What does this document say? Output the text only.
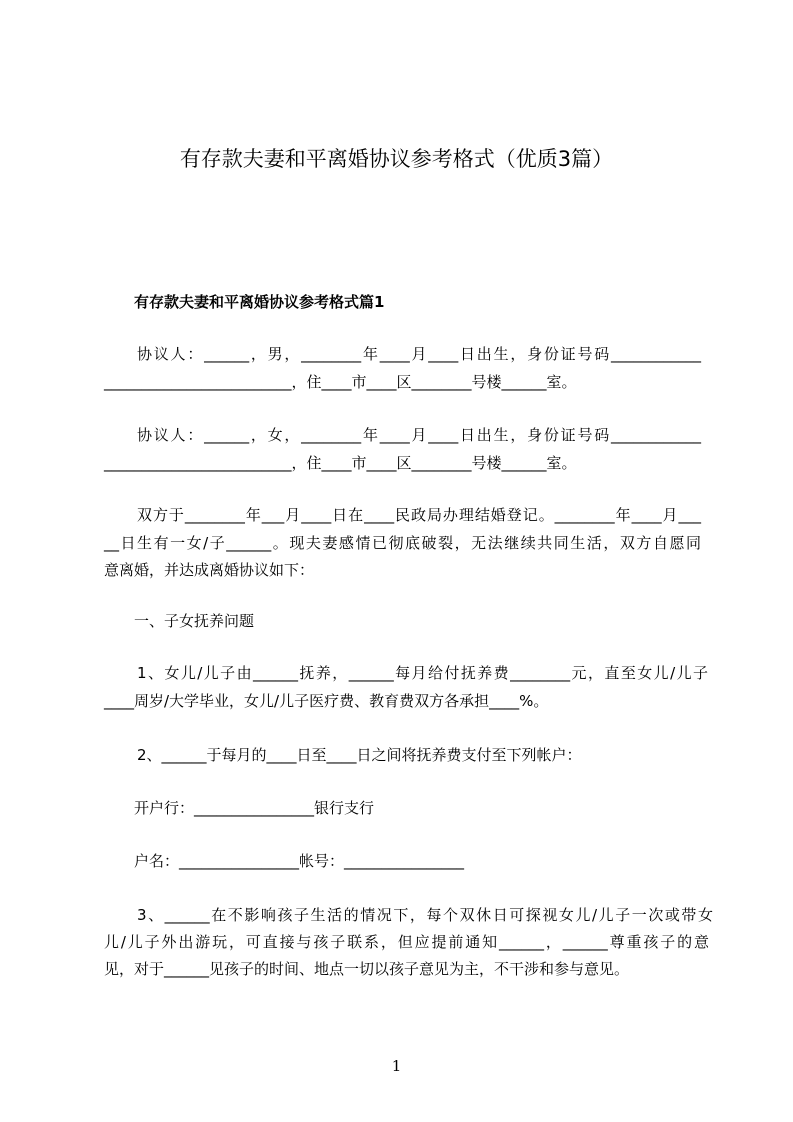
有存款夫妻和平离婚协议参考格式（优质3篇）
有存款夫妻和平离婚协议参考格式篇1
协议人：______，男，________年____月____日出生，身份证号码____________
_________________________，住____市____区________号楼______室。
协议人：______，女，________年____月____日出生，身份证号码____________
_________________________，住____市____区________号楼______室。
双方于________年___月____日在____民政局办理结婚登记。________年____月___
__日生有一女/子______。现夫妻感情已彻底破裂，无法继续共同生活，双方自愿同
意离婚，并达成离婚协议如下：
一、子女抚养问题
1、女儿/儿子由______抚养，______每月给付抚养费________元，直至女儿/儿子
____周岁/大学毕业，女儿/儿子医疗费、教育费双方各承担____%。
2、______于每月的____日至____日之间将抚养费支付至下列帐户：
开户行：________________银行支行
户名：________________帐号：________________
3、______在不影响孩子生活的情况下，每个双休日可探视女儿/儿子一次或带女
儿/儿子外出游玩，可直接与孩子联系，但应提前通知______，______尊重孩子的意
见，对于______见孩子的时间、地点一切以孩子意见为主，不干涉和参与意见。
1
